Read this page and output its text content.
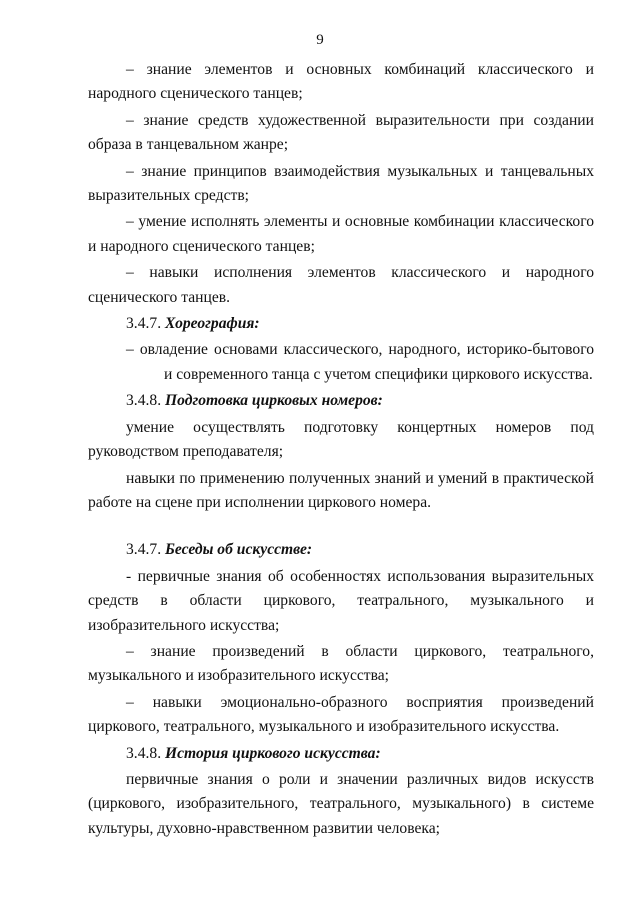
9

– знание элементов и основных комбинаций классического и народного сценического танцев;

– знание средств художественной выразительности при создании образа в танцевальном жанре;

– знание принципов взаимодействия музыкальных и танцевальных выразительных средств;

– умение исполнять элементы и основные комбинации классического и народного сценического танцев;

– навыки исполнения элементов классического и народного сценического танцев.

3.4.7. Хореография:

– овладение основами классического, народного, историко-бытового и современного танца с учетом специфики циркового искусства.

3.4.8. Подготовка цирковых номеров:

умение осуществлять подготовку концертных номеров под руководством преподавателя;

навыки по применению полученных знаний и умений в практической работе на сцене при исполнении циркового номера.

3.4.7. Беседы об искусстве:

- первичные знания об особенностях использования выразительных средств в области циркового, театрального, музыкального и изобразительного искусства;

– знание произведений в области циркового, театрального, музыкального и изобразительного искусства;

– навыки эмоционально-образного восприятия произведений циркового, театрального, музыкального и изобразительного искусства.

3.4.8. История циркового искусства:

первичные знания о роли и значении различных видов искусств (циркового, изобразительного, театрального, музыкального) в системе культуры, духовно-нравственном развитии человека;
